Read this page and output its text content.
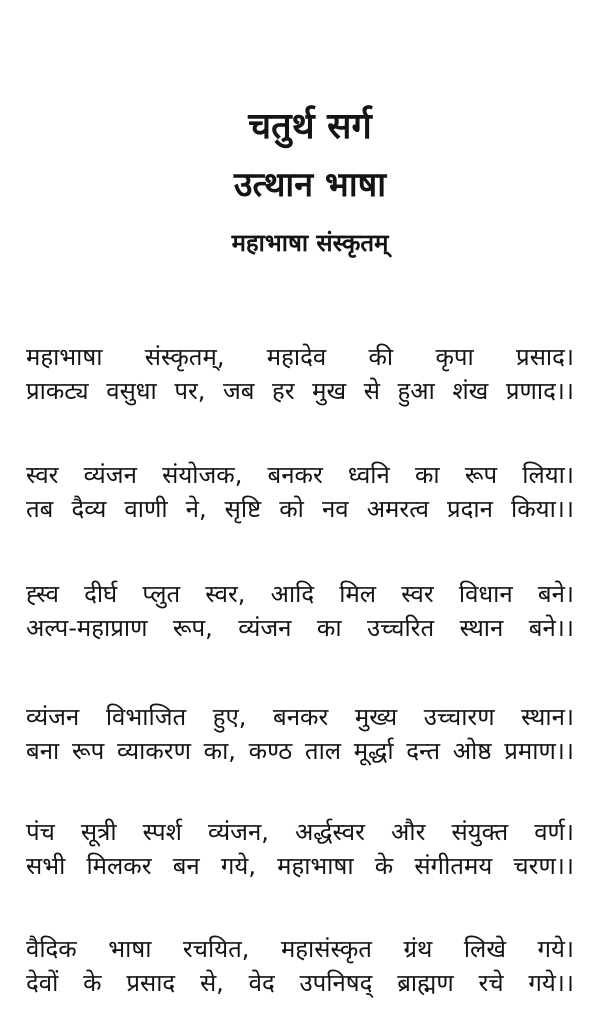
चतुर्थ सर्ग
उत्थान भाषा
महाभाषा संस्कृतम्
महाभाषा संस्कृतम्, महादेव की कृपा प्रसाद।
प्राकट्य वसुधा पर, जब हर मुख से हुआ शंख प्रणाद।।
स्वर व्यंजन संयोजक, बनकर ध्वनि का रूप लिया।
तब दैव्य वाणी ने, सृष्टि को नव अमरत्व प्रदान किया।।
ह्स्व दीर्घ प्लुत स्वर, आदि मिल स्वर विधान बने।
अल्प-महाप्राण रूप, व्यंजन का उच्चरित स्थान बने।।
व्यंजन विभाजित हुए, बनकर मुख्य उच्चारण स्थान।
बना रूप व्याकरण का, कण्ठ ताल मूर्द्धा दन्त ओष्ठ प्रमाण।।
पंच सूत्री स्पर्श व्यंजन, अर्द्धस्वर और संयुक्त वर्ण।
सभी मिलकर बन गये, महाभाषा के संगीतमय चरण।।
वैदिक भाषा रचयित, महासंस्कृत ग्रंथ लिखे गये।
देवों के प्रसाद से, वेद उपनिषद् ब्राह्मण रचे गये।।
